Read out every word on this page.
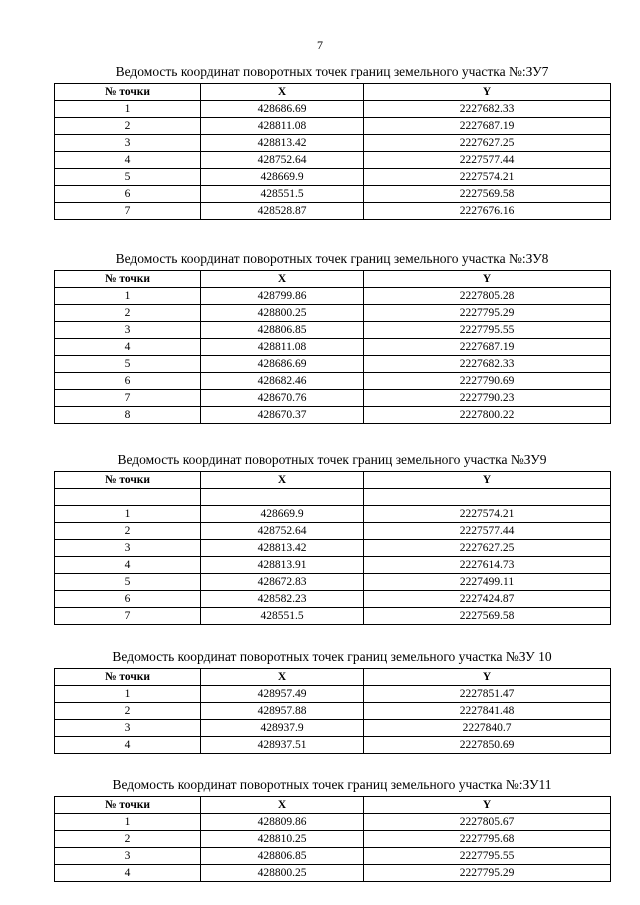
7
Ведомость координат поворотных точек границ земельного участка №:ЗУ7
№ точки	X	Y
1	428686.69	2227682.33
2	428811.08	2227687.19
3	428813.42	2227627.25
4	428752.64	2227577.44
5	428669.9	2227574.21
6	428551.5	2227569.58
7	428528.87	2227676.16
Ведомость координат поворотных точек границ земельного участка №:ЗУ8
№ точки	X	Y
1	428799.86	2227805.28
2	428800.25	2227795.29
3	428806.85	2227795.55
4	428811.08	2227687.19
5	428686.69	2227682.33
6	428682.46	2227790.69
7	428670.76	2227790.23
8	428670.37	2227800.22
Ведомость координат поворотных точек границ земельного участка №ЗУ9
№ точки	X	Y

1	428669.9	2227574.21
2	428752.64	2227577.44
3	428813.42	2227627.25
4	428813.91	2227614.73
5	428672.83	2227499.11
6	428582.23	2227424.87
7	428551.5	2227569.58
Ведомость координат поворотных точек границ земельного участка №ЗУ 10
№ точки	X	Y
1	428957.49	2227851.47
2	428957.88	2227841.48
3	428937.9	2227840.7
4	428937.51	2227850.69
Ведомость координат поворотных точек границ земельного участка №:ЗУ11
№ точки	X	Y
1	428809.86	2227805.67
2	428810.25	2227795.68
3	428806.85	2227795.55
4	428800.25	2227795.29
